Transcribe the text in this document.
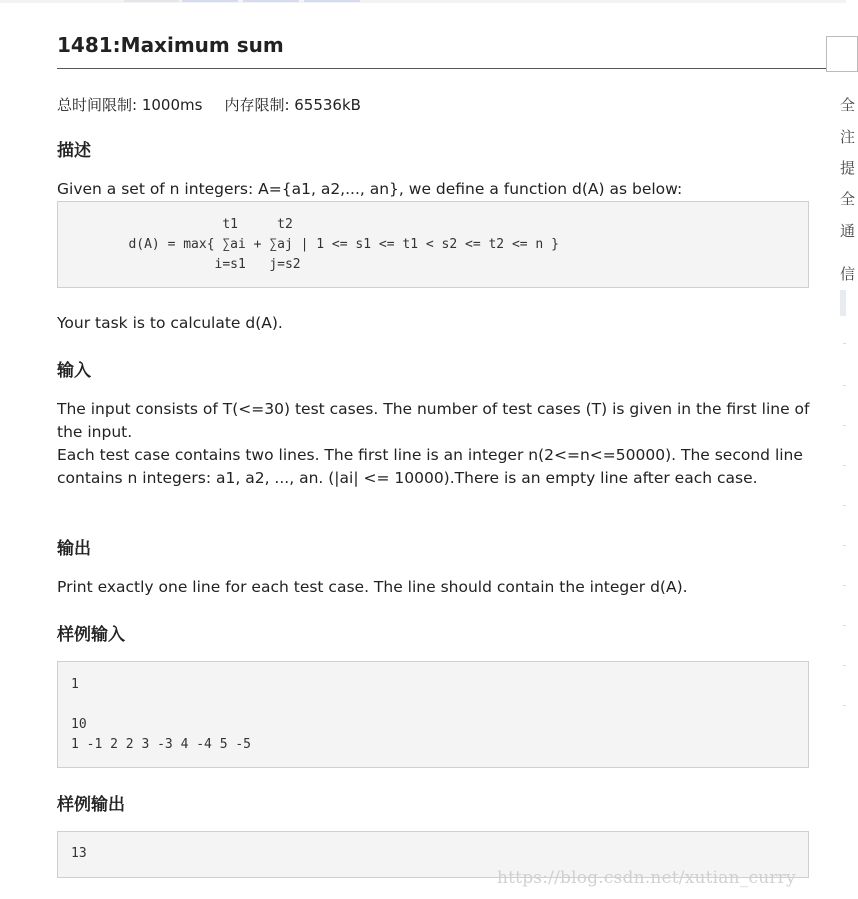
1481:Maximum sum
总时间限制: 1000ms 内存限制: 65536kB
描述

Given a set of n integers: A={a1, a2,..., an}, we define a function d(A) as below:

t1     t2
d(A) = max{ ∑ai + ∑aj | 1 <= s1 <= t1 < s2 <= t2 <= n }
i=s1   j=s2

Your task is to calculate d(A).

输入

The input consists of T(<=30) test cases. The number of test cases (T) is given in the first line of the input.

Each test case contains two lines. The first line is an integer n(2<=n<=50000). The second line contains n integers: a1, a2, ..., an. (|ai| <= 10000).There is an empty line after each case.

输出

Print exactly one line for each test case. The line should contain the integer d(A).

样例输入
1

10
1 -1 2 2 3 -3 4 -4 5 -5
样例输出
13
全
注
提
全
通
信
https://blog.csdn.net/xutian_curry
